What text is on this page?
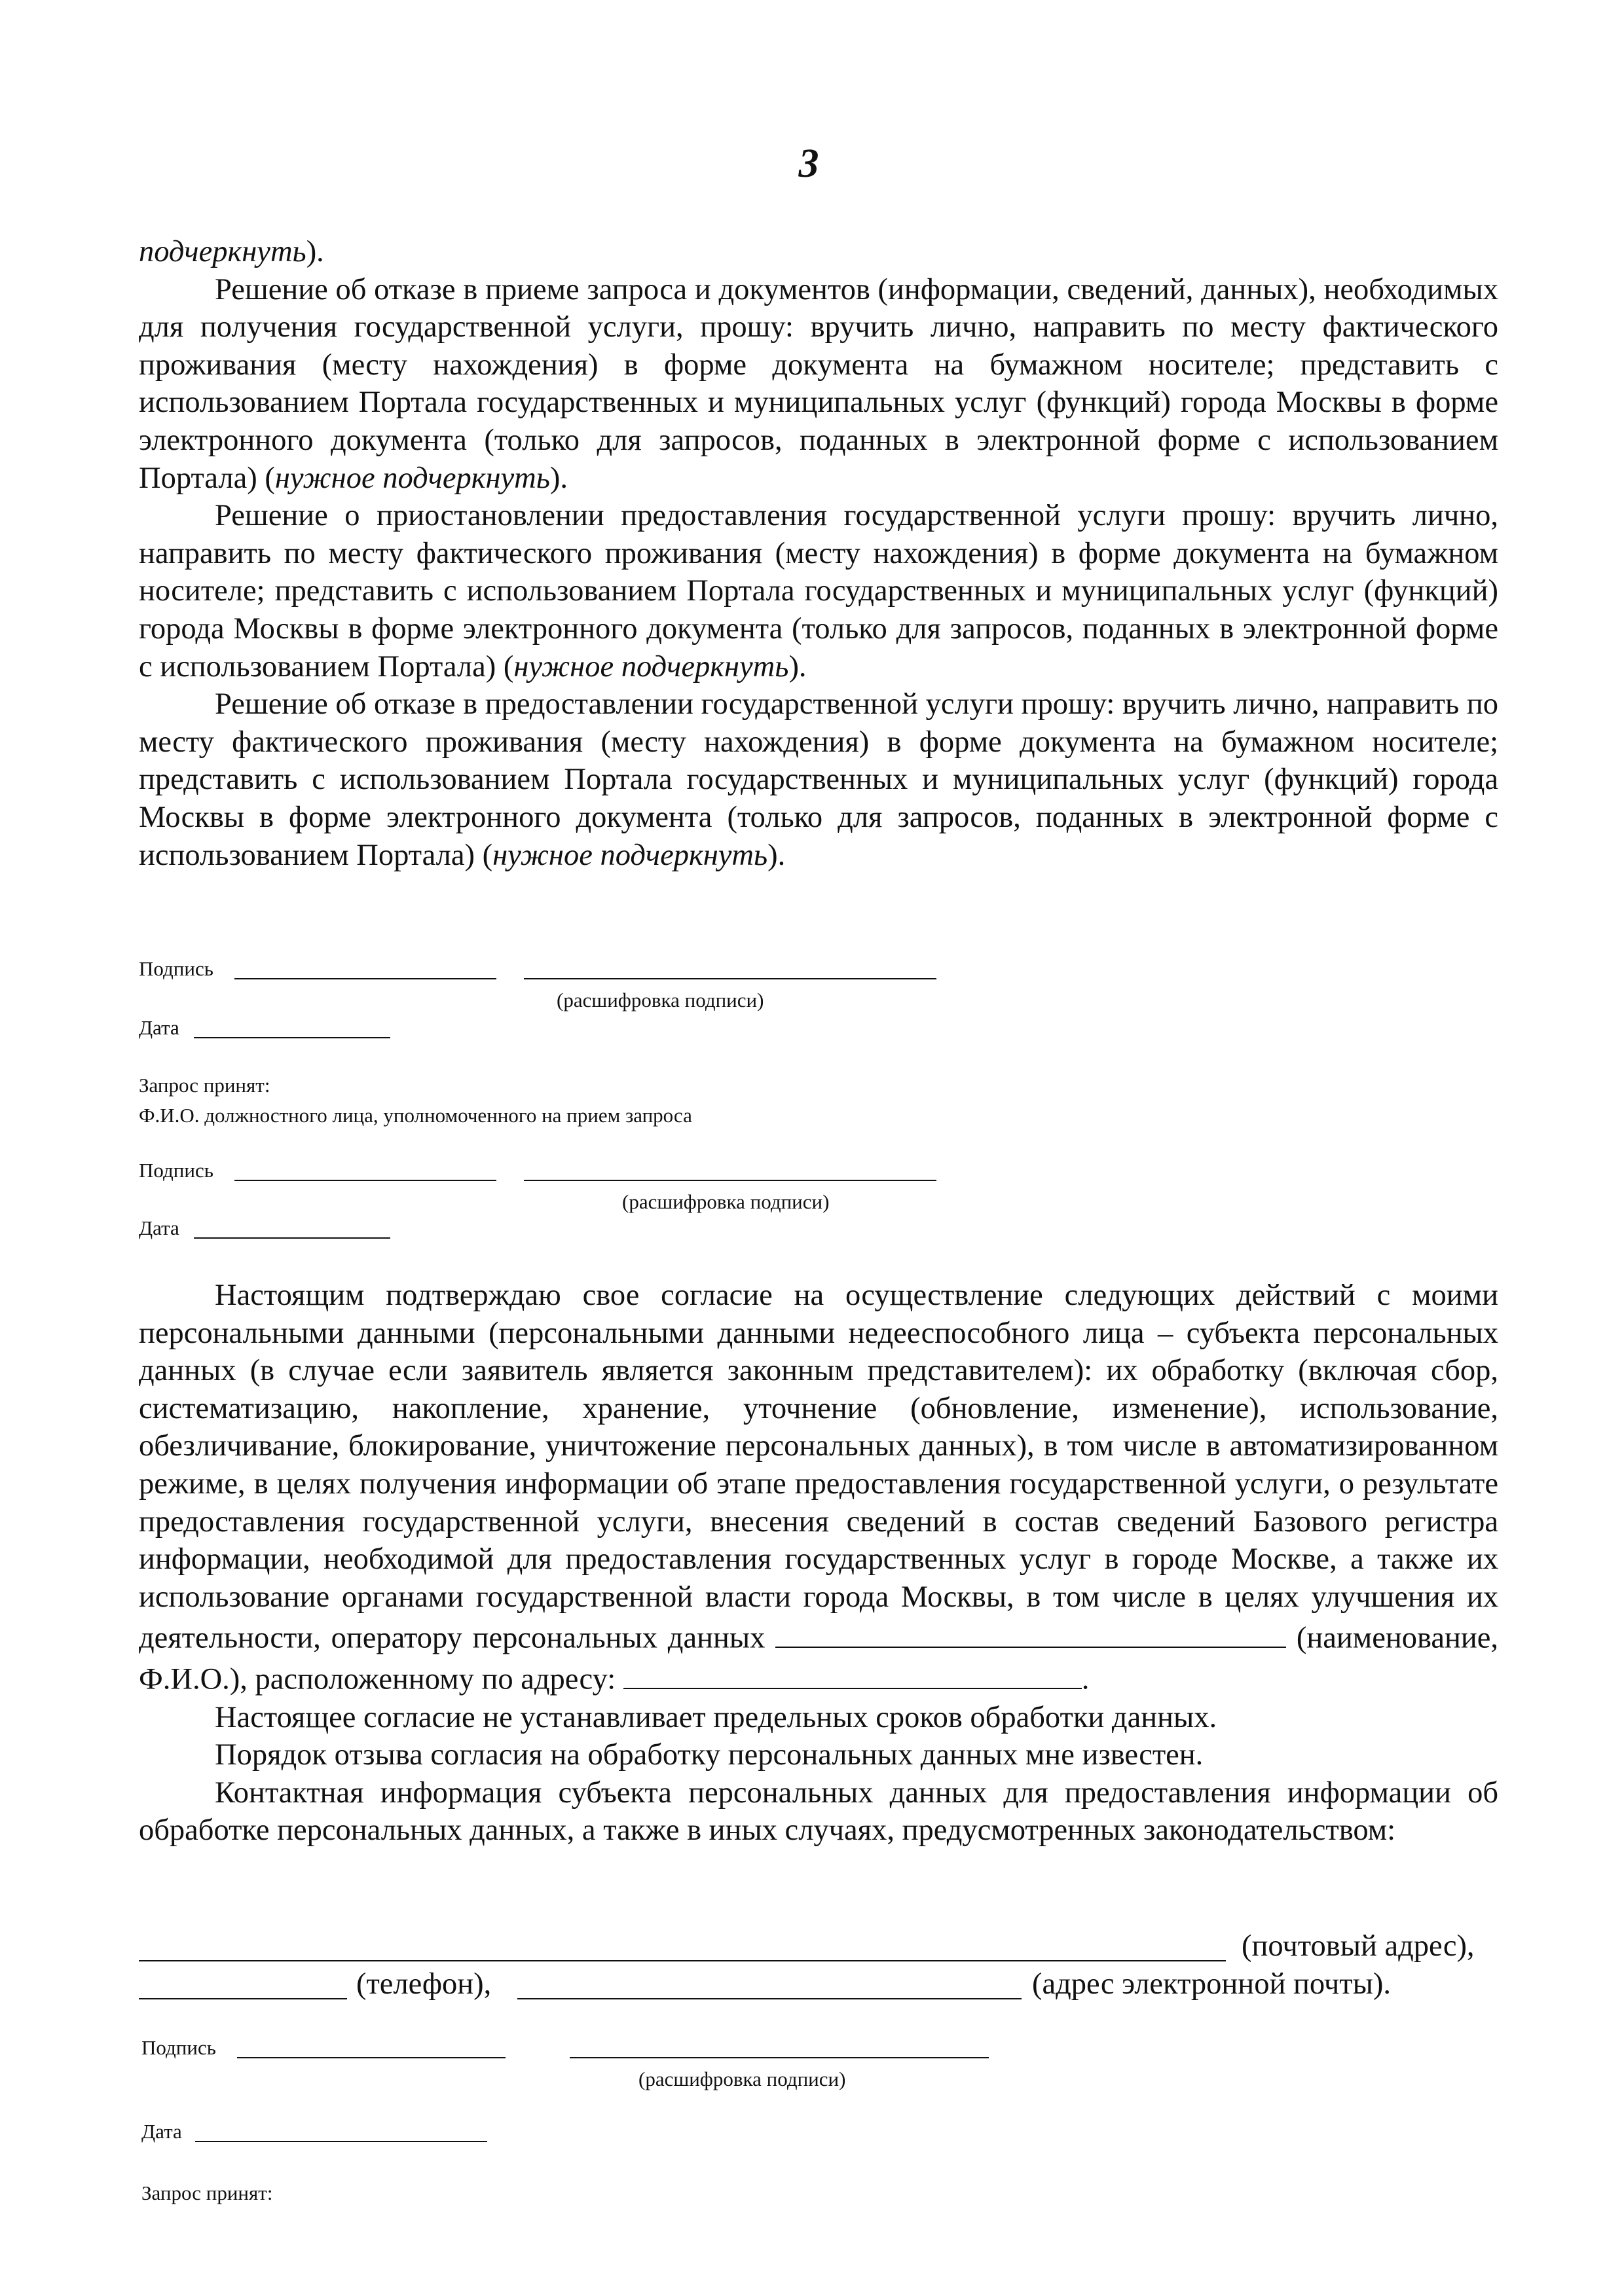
3

подчеркнуть).

Решение об отказе в приеме запроса и документов (информации, сведений, данных), необходимых для получения государственной услуги, прошу: вручить лично, направить по месту фактического проживания (месту нахождения) в форме документа на бумажном носителе; представить с использованием Портала государственных и муниципальных услуг (функций) города Москвы в форме электронного документа (только для запросов, поданных в электронной форме с использованием Портала) (нужное подчеркнуть).

Решение о приостановлении предоставления государственной услуги прошу: вручить лично, направить по месту фактического проживания (месту нахождения) в форме документа на бумажном носителе; представить с использованием Портала государственных и муниципальных услуг (функций) города Москвы в форме электронного документа (только для запросов, поданных в электронной форме с использованием Портала) (нужное подчеркнуть).

Решение об отказе в предоставлении государственной услуги прошу: вручить лично, направить по месту фактического проживания (месту нахождения) в форме документа на бумажном носителе; представить с использованием Портала государственных и муниципальных услуг (функций) города Москвы в форме электронного документа (только для запросов, поданных в электронной форме с использованием Портала) (нужное подчеркнуть).

Подпись
(расшифровка подписи)
Дата
Запрос принят:
Ф.И.О. должностного лица, уполномоченного на прием запроса
Подпись
(расшифровка подписи)
Дата

Настоящим подтверждаю свое согласие на осуществление следующих действий с моими персональными данными (персональными данными недееспособного лица – субъекта персональных данных (в случае если заявитель является законным представителем): их обработку (включая сбор, систематизацию, накопление, хранение, уточнение (обновление, изменение), использование, обезличивание, блокирование, уничтожение персональных данных), в том числе в автоматизированном режиме, в целях получения информации об этапе предоставления государственной услуги, о результате предоставления государственной услуги, внесения сведений в состав сведений Базового регистра информации, необходимой для предоставления государственных услуг в городе Москве, а также их использование органами государственной власти города Москвы, в том числе в целях улучшения их деятельности, оператору персональных данных	(наименование, Ф.И.О.), расположенному по адресу:	.

Настоящее согласие не устанавливает предельных сроков обработки данных.

Порядок отзыва согласия на обработку персональных данных мне известен.

Контактная информация субъекта персональных данных для предоставления информации об обработке персональных данных, а также в иных случаях, предусмотренных законодательством:

(почтовый адрес),
(телефон),	(адрес электронной почты).
Подпись
(расшифровка подписи)
Дата
Запрос принят:
